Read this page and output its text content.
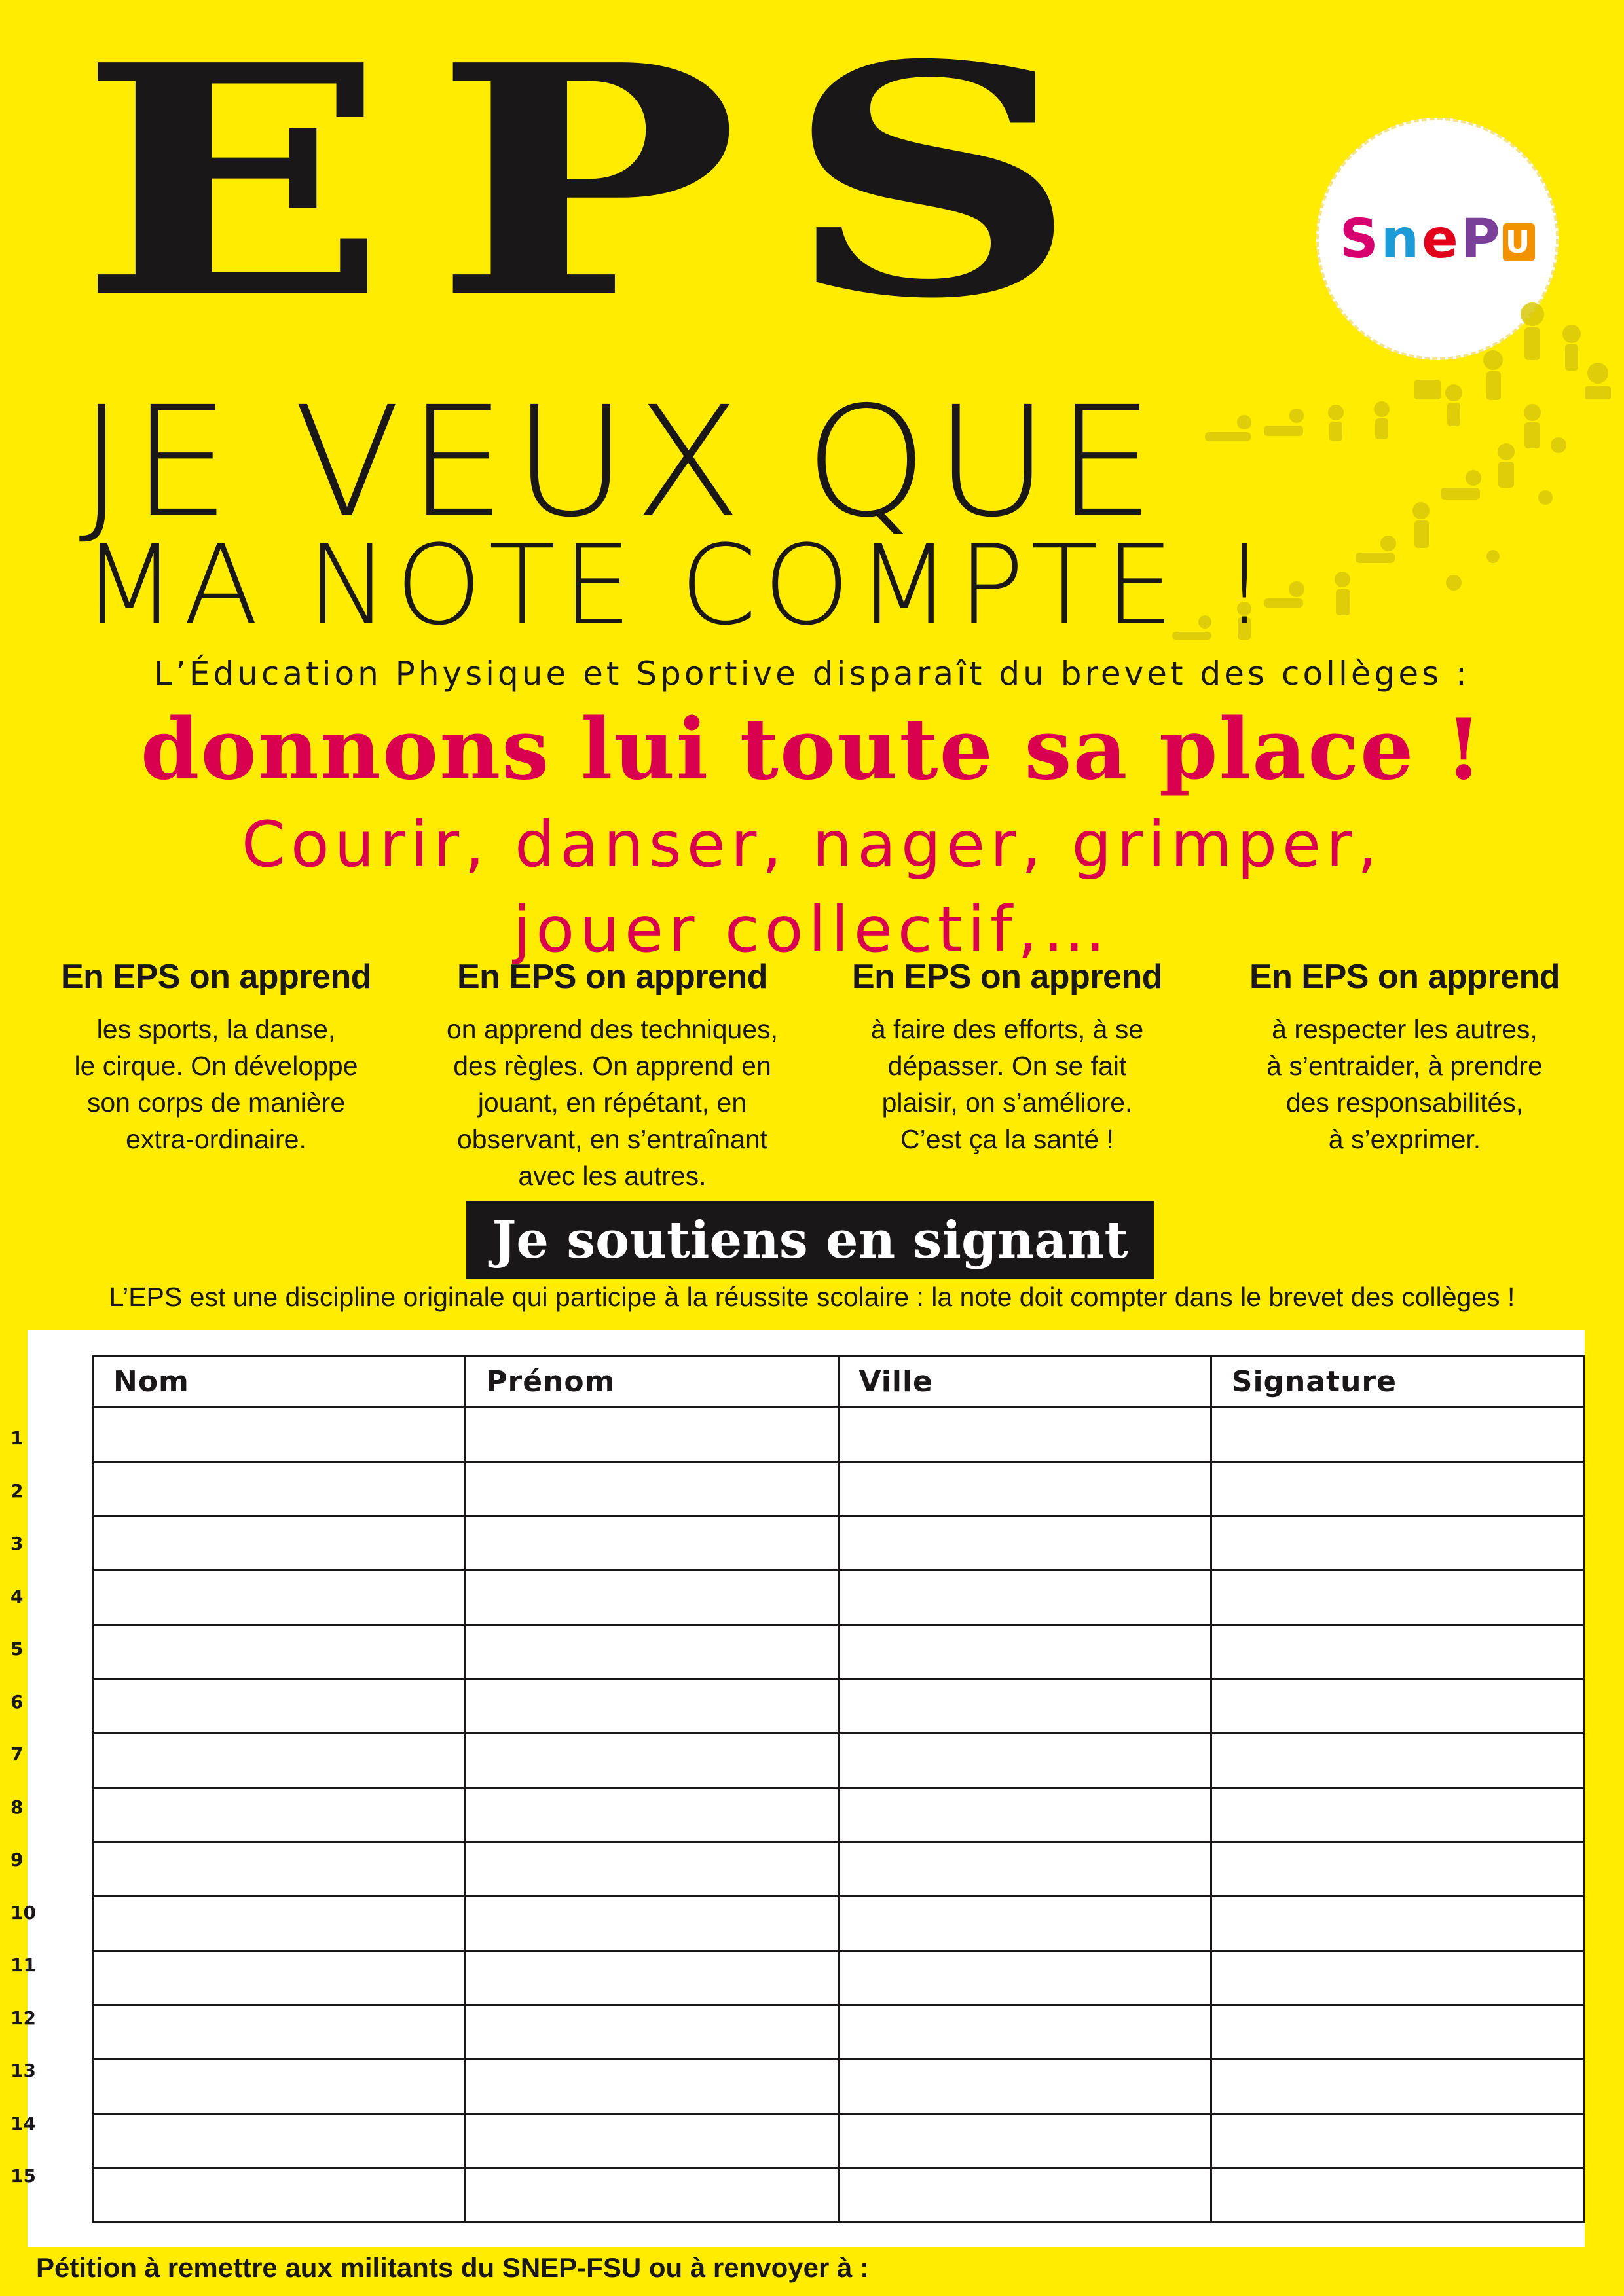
EPS	SnePU
JE VEUX QUE
MA NOTE COMPTE !
L’Éducation Physique et Sportive disparaît du brevet des collèges :
donnons lui toute sa place !
Courir, danser, nager, grimper,
jouer collectif,…
En EPS on apprend

les sports, la danse,

le cirque. On développe

son corps de manière

extra-ordinaire.

En EPS on apprend

on apprend des techniques,

des règles. On apprend en

jouant, en répétant, en

observant, en s’entraînant

avec les autres.

En EPS on apprend

à faire des efforts, à se

dépasser. On se fait

plaisir, on s’améliore.

C’est ça la santé !

En EPS on apprend

à respecter les autres,

à s’entraider, à prendre

des responsabilités,

à s’exprimer.

Je soutiens en signant
L’EPS est une discipline originale qui participe à la réussite scolaire : la note doit compter dans le brevet des collèges !
Nom	Prénom	Ville	Signature

1
2
3
4
5
6
7
8
9
10
11
12
13
14
15
Pétition à remettre aux militants du SNEP-FSU ou à renvoyer à :
